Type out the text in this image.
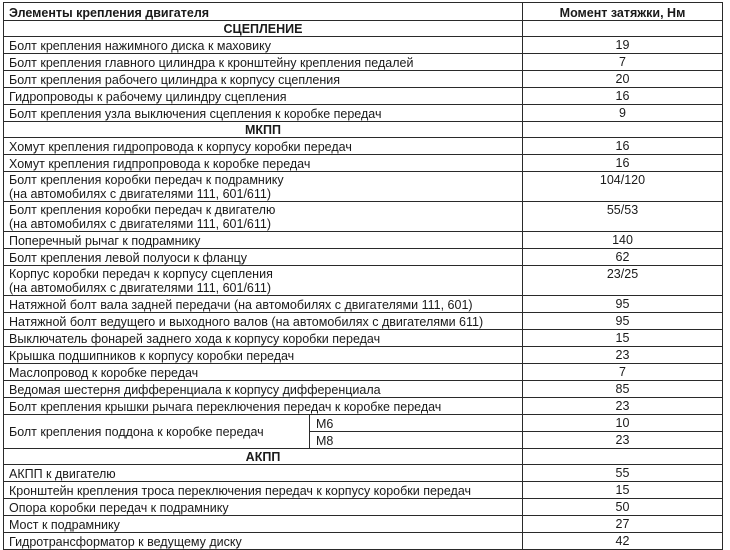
Элементы крепления двигателя		Момент затяжки, Нм
СЦЕПЛЕНИЕ		

Болт крепления нажимного диска к маховику		19

Болт крепления главного цилиндра к кронштейну крепления педалей		7

Болт крепления рабочего цилиндра к корпусу сцепления		20

Гидропроводы к рабочему цилиндру сцепления		16

Болт крепления узла выключения сцепления к коробке передач		9
МКПП		

Хомут крепления гидропровода к корпусу коробки передач		16

Хомут крепления гидпропровода к коробке передач		16

Болт крепления коробки передач к подрамнику
(на автомобилях с двигателями 111, 601/611)		104/120

Болт крепления коробки передач к двигателю
(на автомобилях с двигателями 111, 601/611)		55/53

Поперечный рычаг к подрамнику		140

Болт крепления левой полуоси к фланцу		62

Корпус коробки передач к корпусу сцепления
(на автомобилях с двигателями 111, 601/611)		23/25

Натяжной болт вала задней передачи (на автомобилях с двигателями 111, 601)		95

Натяжной болт ведущего и выходного валов (на автомобилях с двигателями 611)		95

Выключатель фонарей заднего хода к корпусу коробки передач		15

Крышка подшипников к корпусу коробки передач		23

Маслопровод к коробке передач		7

Ведомая шестерня дифференциала к корпусу дифференциала		85

Болт крепления крышки рычага переключения передач к коробке передач		23
Болт крепления поддона к коробке передач	М6	10
	М8	23
АКПП		

АКПП к двигателю		55

Кронштейн крепления троса переключения передач к корпусу коробки передач		15

Опора коробки передач к подрамнику		50

Мост к подрамнику		27

Гидротрансформатор к ведущему диску		42
